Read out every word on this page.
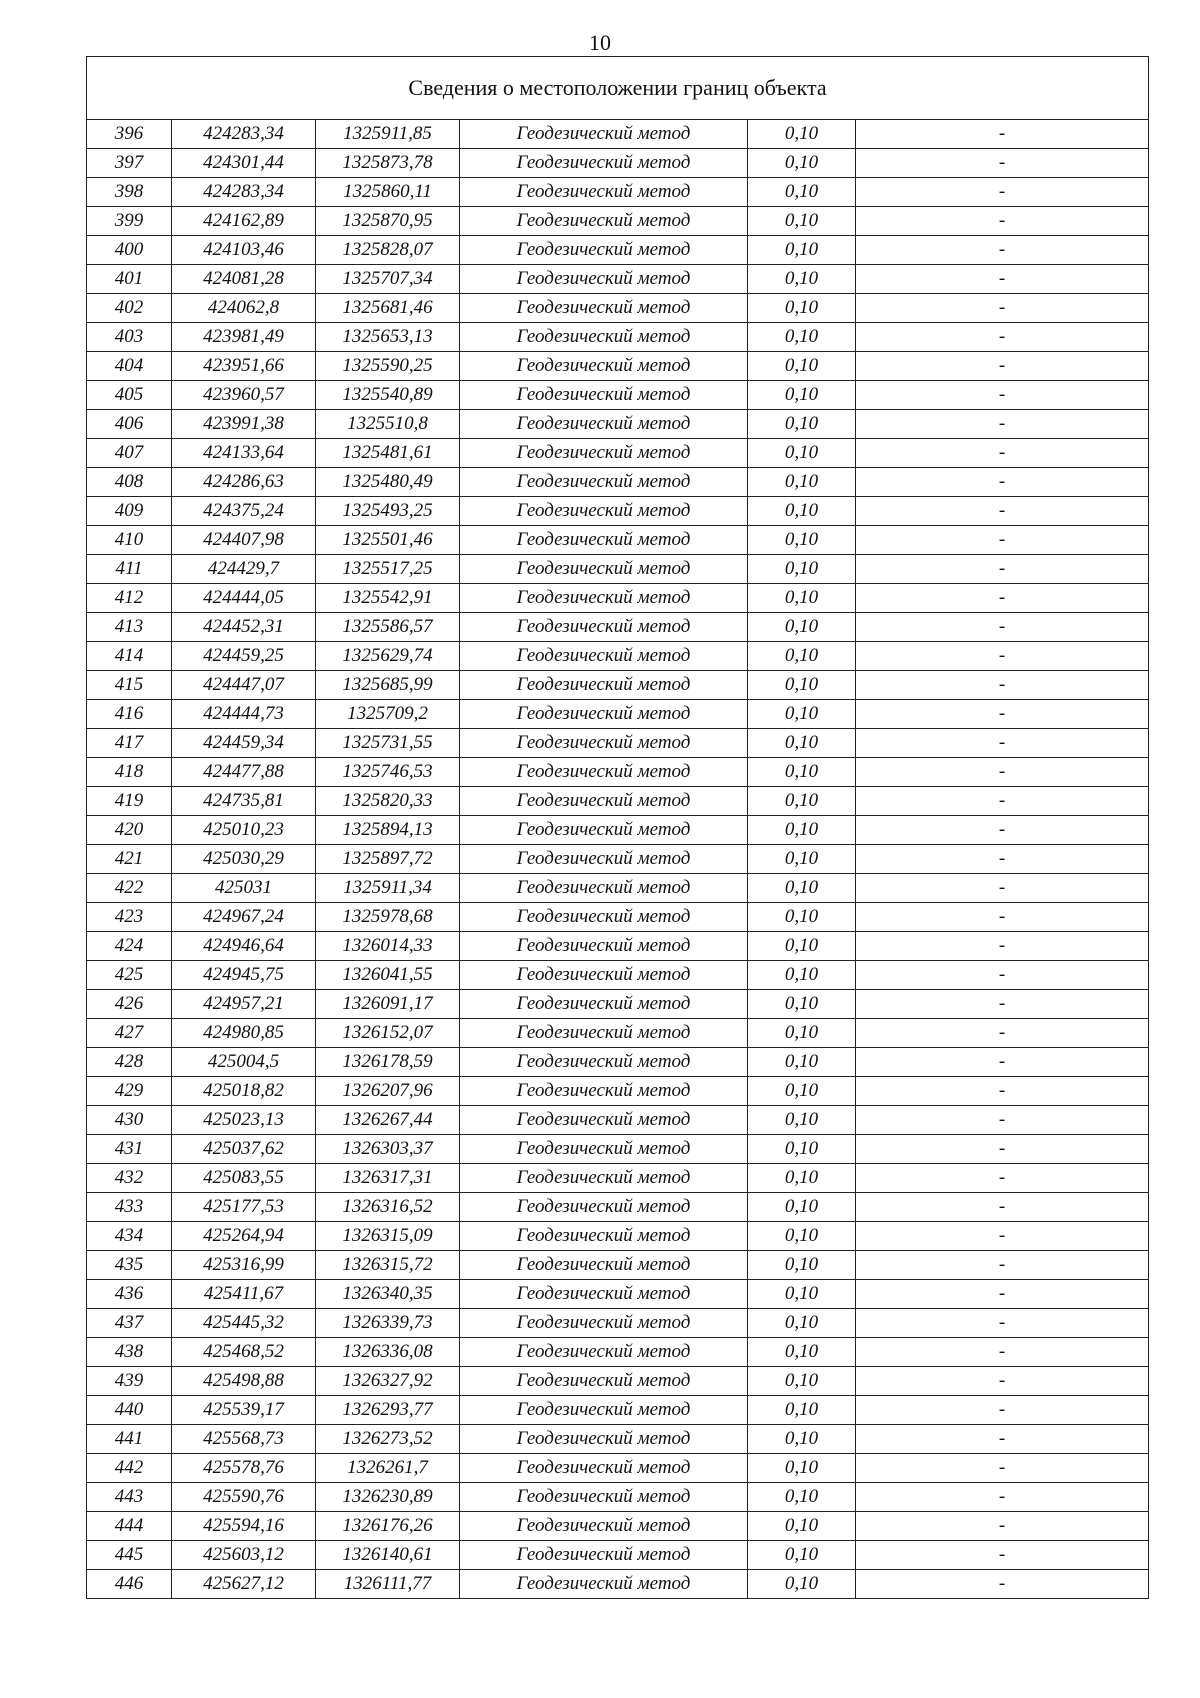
10
Сведения о местоположении границ объекта					
396	424283,34	1325911,85	Геодезический метод	0,10	-
397	424301,44	1325873,78	Геодезический метод	0,10	-
398	424283,34	1325860,11	Геодезический метод	0,10	-
399	424162,89	1325870,95	Геодезический метод	0,10	-
400	424103,46	1325828,07	Геодезический метод	0,10	-
401	424081,28	1325707,34	Геодезический метод	0,10	-
402	424062,8	1325681,46	Геодезический метод	0,10	-
403	423981,49	1325653,13	Геодезический метод	0,10	-
404	423951,66	1325590,25	Геодезический метод	0,10	-
405	423960,57	1325540,89	Геодезический метод	0,10	-
406	423991,38	1325510,8	Геодезический метод	0,10	-
407	424133,64	1325481,61	Геодезический метод	0,10	-
408	424286,63	1325480,49	Геодезический метод	0,10	-
409	424375,24	1325493,25	Геодезический метод	0,10	-
410	424407,98	1325501,46	Геодезический метод	0,10	-
411	424429,7	1325517,25	Геодезический метод	0,10	-
412	424444,05	1325542,91	Геодезический метод	0,10	-
413	424452,31	1325586,57	Геодезический метод	0,10	-
414	424459,25	1325629,74	Геодезический метод	0,10	-
415	424447,07	1325685,99	Геодезический метод	0,10	-
416	424444,73	1325709,2	Геодезический метод	0,10	-
417	424459,34	1325731,55	Геодезический метод	0,10	-
418	424477,88	1325746,53	Геодезический метод	0,10	-
419	424735,81	1325820,33	Геодезический метод	0,10	-
420	425010,23	1325894,13	Геодезический метод	0,10	-
421	425030,29	1325897,72	Геодезический метод	0,10	-
422	425031	1325911,34	Геодезический метод	0,10	-
423	424967,24	1325978,68	Геодезический метод	0,10	-
424	424946,64	1326014,33	Геодезический метод	0,10	-
425	424945,75	1326041,55	Геодезический метод	0,10	-
426	424957,21	1326091,17	Геодезический метод	0,10	-
427	424980,85	1326152,07	Геодезический метод	0,10	-
428	425004,5	1326178,59	Геодезический метод	0,10	-
429	425018,82	1326207,96	Геодезический метод	0,10	-
430	425023,13	1326267,44	Геодезический метод	0,10	-
431	425037,62	1326303,37	Геодезический метод	0,10	-
432	425083,55	1326317,31	Геодезический метод	0,10	-
433	425177,53	1326316,52	Геодезический метод	0,10	-
434	425264,94	1326315,09	Геодезический метод	0,10	-
435	425316,99	1326315,72	Геодезический метод	0,10	-
436	425411,67	1326340,35	Геодезический метод	0,10	-
437	425445,32	1326339,73	Геодезический метод	0,10	-
438	425468,52	1326336,08	Геодезический метод	0,10	-
439	425498,88	1326327,92	Геодезический метод	0,10	-
440	425539,17	1326293,77	Геодезический метод	0,10	-
441	425568,73	1326273,52	Геодезический метод	0,10	-
442	425578,76	1326261,7	Геодезический метод	0,10	-
443	425590,76	1326230,89	Геодезический метод	0,10	-
444	425594,16	1326176,26	Геодезический метод	0,10	-
445	425603,12	1326140,61	Геодезический метод	0,10	-
446	425627,12	1326111,77	Геодезический метод	0,10	-
